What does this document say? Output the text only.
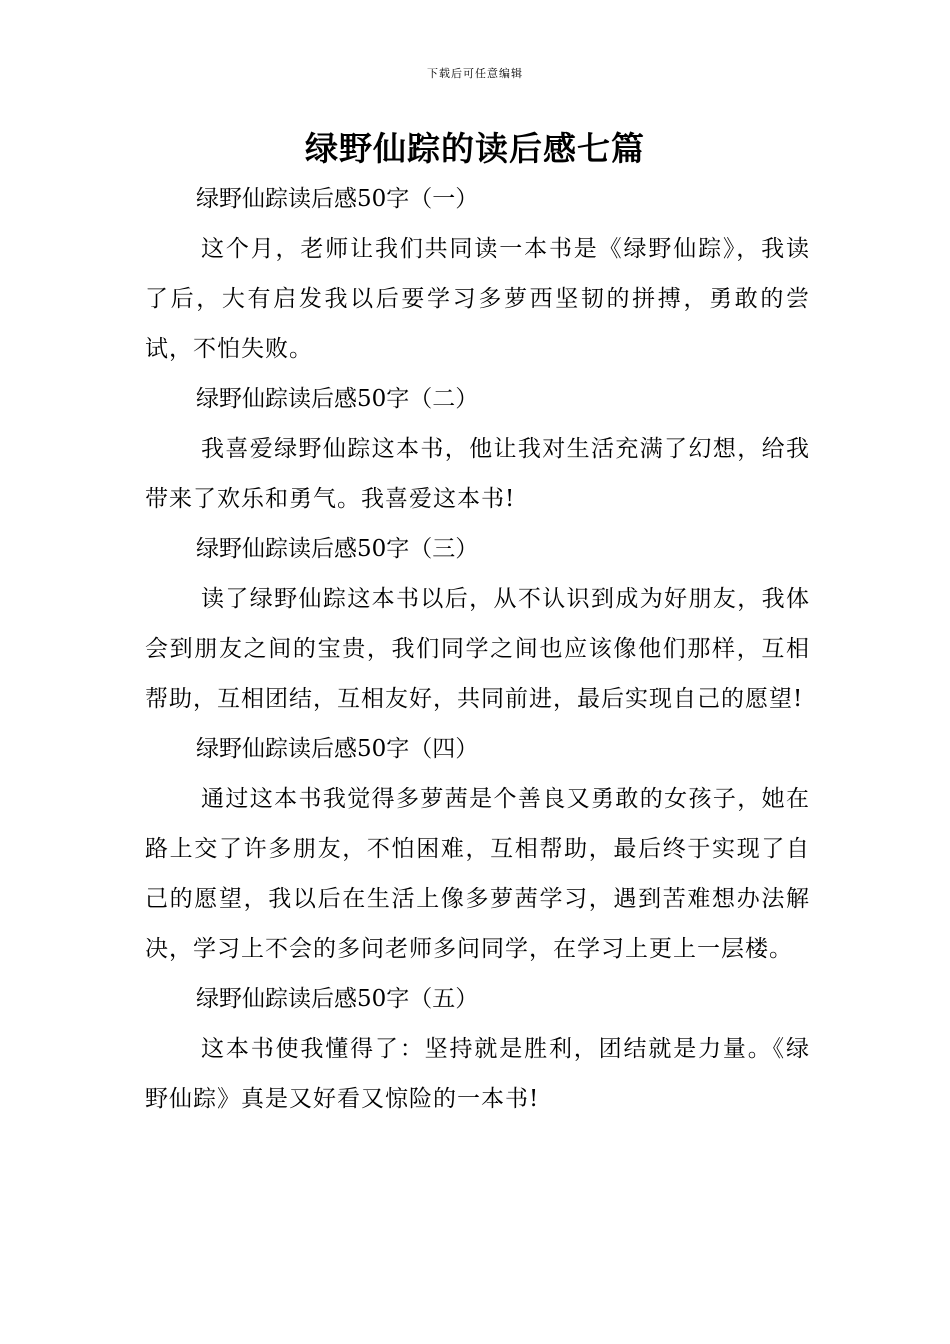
下载后可任意编辑
绿野仙踪的读后感七篇
绿野仙踪读后感50字（一）

这个月，老师让我们共同读一本书是《绿野仙踪》，我读了后，大有启发我以后要学习多萝西坚韧的拼搏，勇敢的尝试，不怕失败。

绿野仙踪读后感50字（二）

我喜爱绿野仙踪这本书，他让我对生活充满了幻想，给我带来了欢乐和勇气。我喜爱这本书!

绿野仙踪读后感50字（三）

读了绿野仙踪这本书以后，从不认识到成为好朋友，我体会到朋友之间的宝贵，我们同学之间也应该像他们那样，互相帮助，互相团结，互相友好，共同前进，最后实现自己的愿望!

绿野仙踪读后感50字（四）

通过这本书我觉得多萝茜是个善良又勇敢的女孩子，她在路上交了许多朋友，不怕困难，互相帮助，最后终于实现了自己的愿望，我以后在生活上像多萝茜学习，遇到苦难想办法解决，学习上不会的多问老师多问同学，在学习上更上一层楼。

绿野仙踪读后感50字（五）

这本书使我懂得了：坚持就是胜利，团结就是力量。《绿野仙踪》真是又好看又惊险的一本书!
